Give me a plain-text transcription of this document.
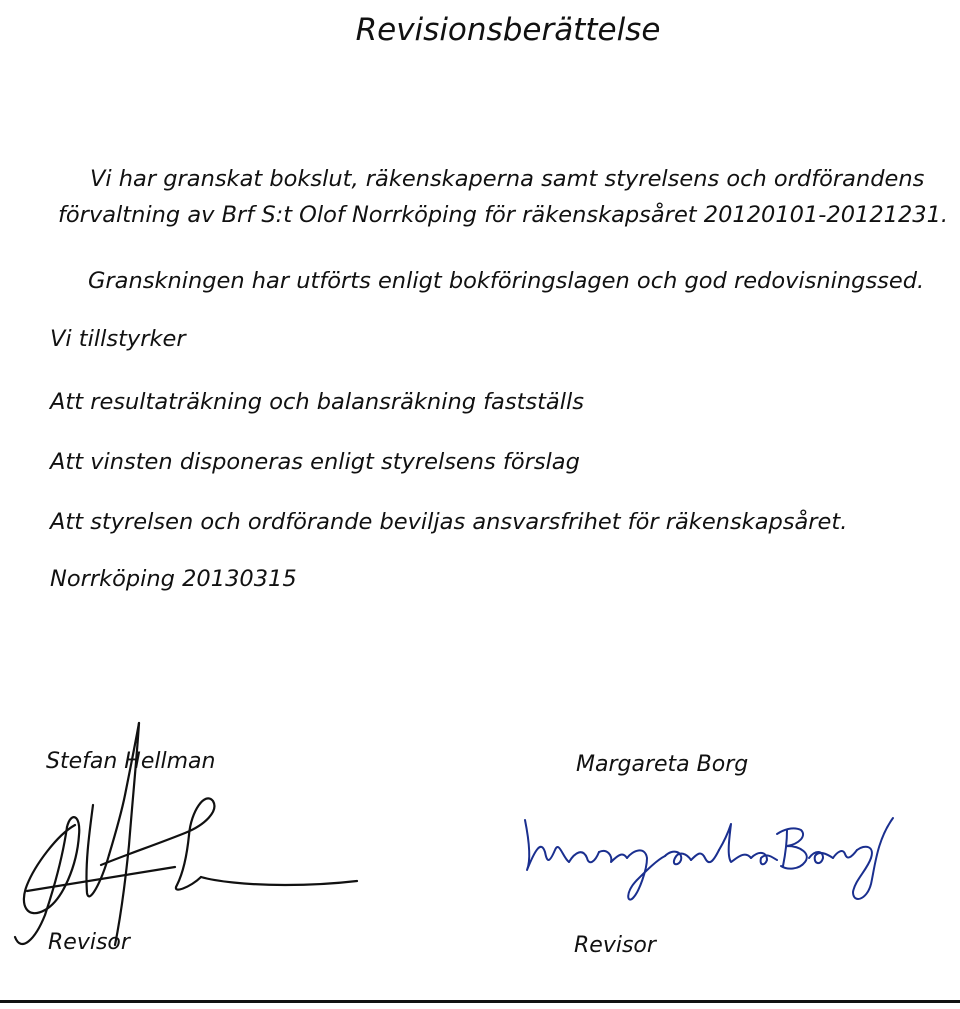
Revisionsberättelse
Vi har granskat bokslut, räkenskaperna samt styrelsens och ordförandens
förvaltning av Brf S:t Olof Norrköping för räkenskapsåret 20120101-20121231.
Granskningen har utförts enligt bokföringslagen och god redovisningssed.
Vi tillstyrker
Att resultaträkning och balansräkning fastställs
Att vinsten disponeras enligt styrelsens förslag
Att styrelsen och ordförande beviljas ansvarsfrihet för räkenskapsåret.
Norrköping 20130315
Stefan Hellman
Revisor
Margareta Borg
Revisor
